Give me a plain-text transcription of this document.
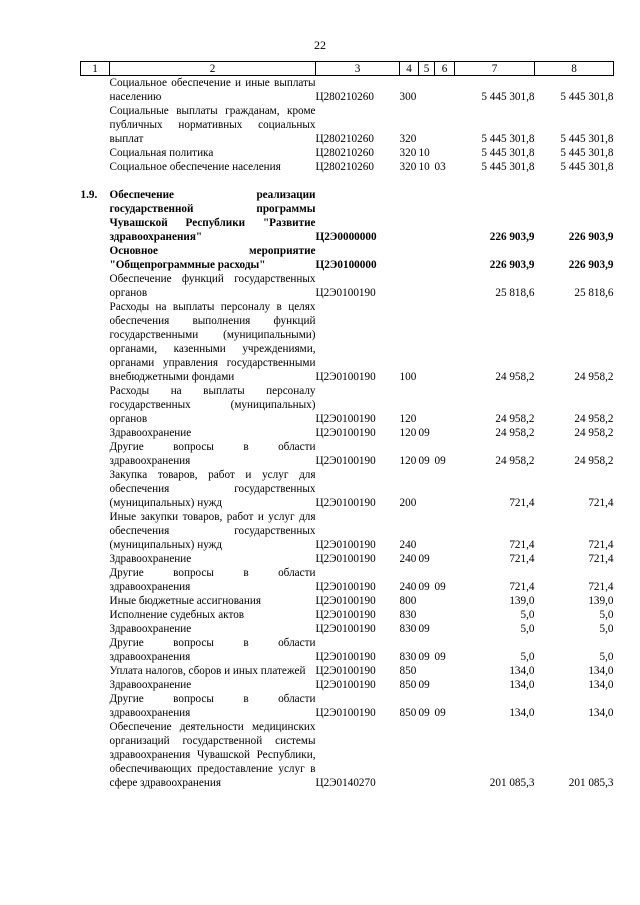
22
1	2	3	4	5	6	7	8
	Социальное обеспечение и иные выплаты населению	Ц280210260	300			5 445 301,8	5 445 301,8
	Социальные выплаты гражданам, кроме публичных нормативных социальных выплат	Ц280210260	320			5 445 301,8	5 445 301,8
	Социальная политика	Ц280210260	320	10		5 445 301,8	5 445 301,8
	Социальное обеспечение населения	Ц280210260	320	10	03	5 445 301,8	5 445 301,8

1.9.	Обеспечение реализации государственной программы Чувашской Республики "Развитие здравоохранения"	Ц2Э0000000				226 903,9	226 903,9
	Основное мероприятие "Общепрограммные расходы"	Ц2Э0100000				226 903,9	226 903,9
	Обеспечение функций государственных органов	Ц2Э0100190				25 818,6	25 818,6
	Расходы на выплаты персоналу в целях обеспечения выполнения функций государственными (муниципальными) органами, казенными учреждениями, органами управления государственными внебюджетными фондами	Ц2Э0100190	100			24 958,2	24 958,2
	Расходы на выплаты персоналу государственных (муниципальных) органов	Ц2Э0100190	120			24 958,2	24 958,2
	Здравоохранение	Ц2Э0100190	120	09		24 958,2	24 958,2
	Другие вопросы в области здравоохранения	Ц2Э0100190	120	09	09	24 958,2	24 958,2
	Закупка товаров, работ и услуг для обеспечения государственных (муниципальных) нужд	Ц2Э0100190	200			721,4	721,4
	Иные закупки товаров, работ и услуг для обеспечения государственных (муниципальных) нужд	Ц2Э0100190	240			721,4	721,4
	Здравоохранение	Ц2Э0100190	240	09		721,4	721,4
	Другие вопросы в области здравоохранения	Ц2Э0100190	240	09	09	721,4	721,4
	Иные бюджетные ассигнования	Ц2Э0100190	800			139,0	139,0
	Исполнение судебных актов	Ц2Э0100190	830			5,0	5,0
	Здравоохранение	Ц2Э0100190	830	09		5,0	5,0
	Другие вопросы в области здравоохранения	Ц2Э0100190	830	09	09	5,0	5,0
	Уплата налогов, сборов и иных платежей	Ц2Э0100190	850			134,0	134,0
	Здравоохранение	Ц2Э0100190	850	09		134,0	134,0
	Другие вопросы в области здравоохранения	Ц2Э0100190	850	09	09	134,0	134,0
	Обеспечение деятельности медицинских организаций государственной системы здравоохранения Чувашской Республики, обеспечивающих предоставление услуг в сфере здравоохранения	Ц2Э0140270				201 085,3	201 085,3
